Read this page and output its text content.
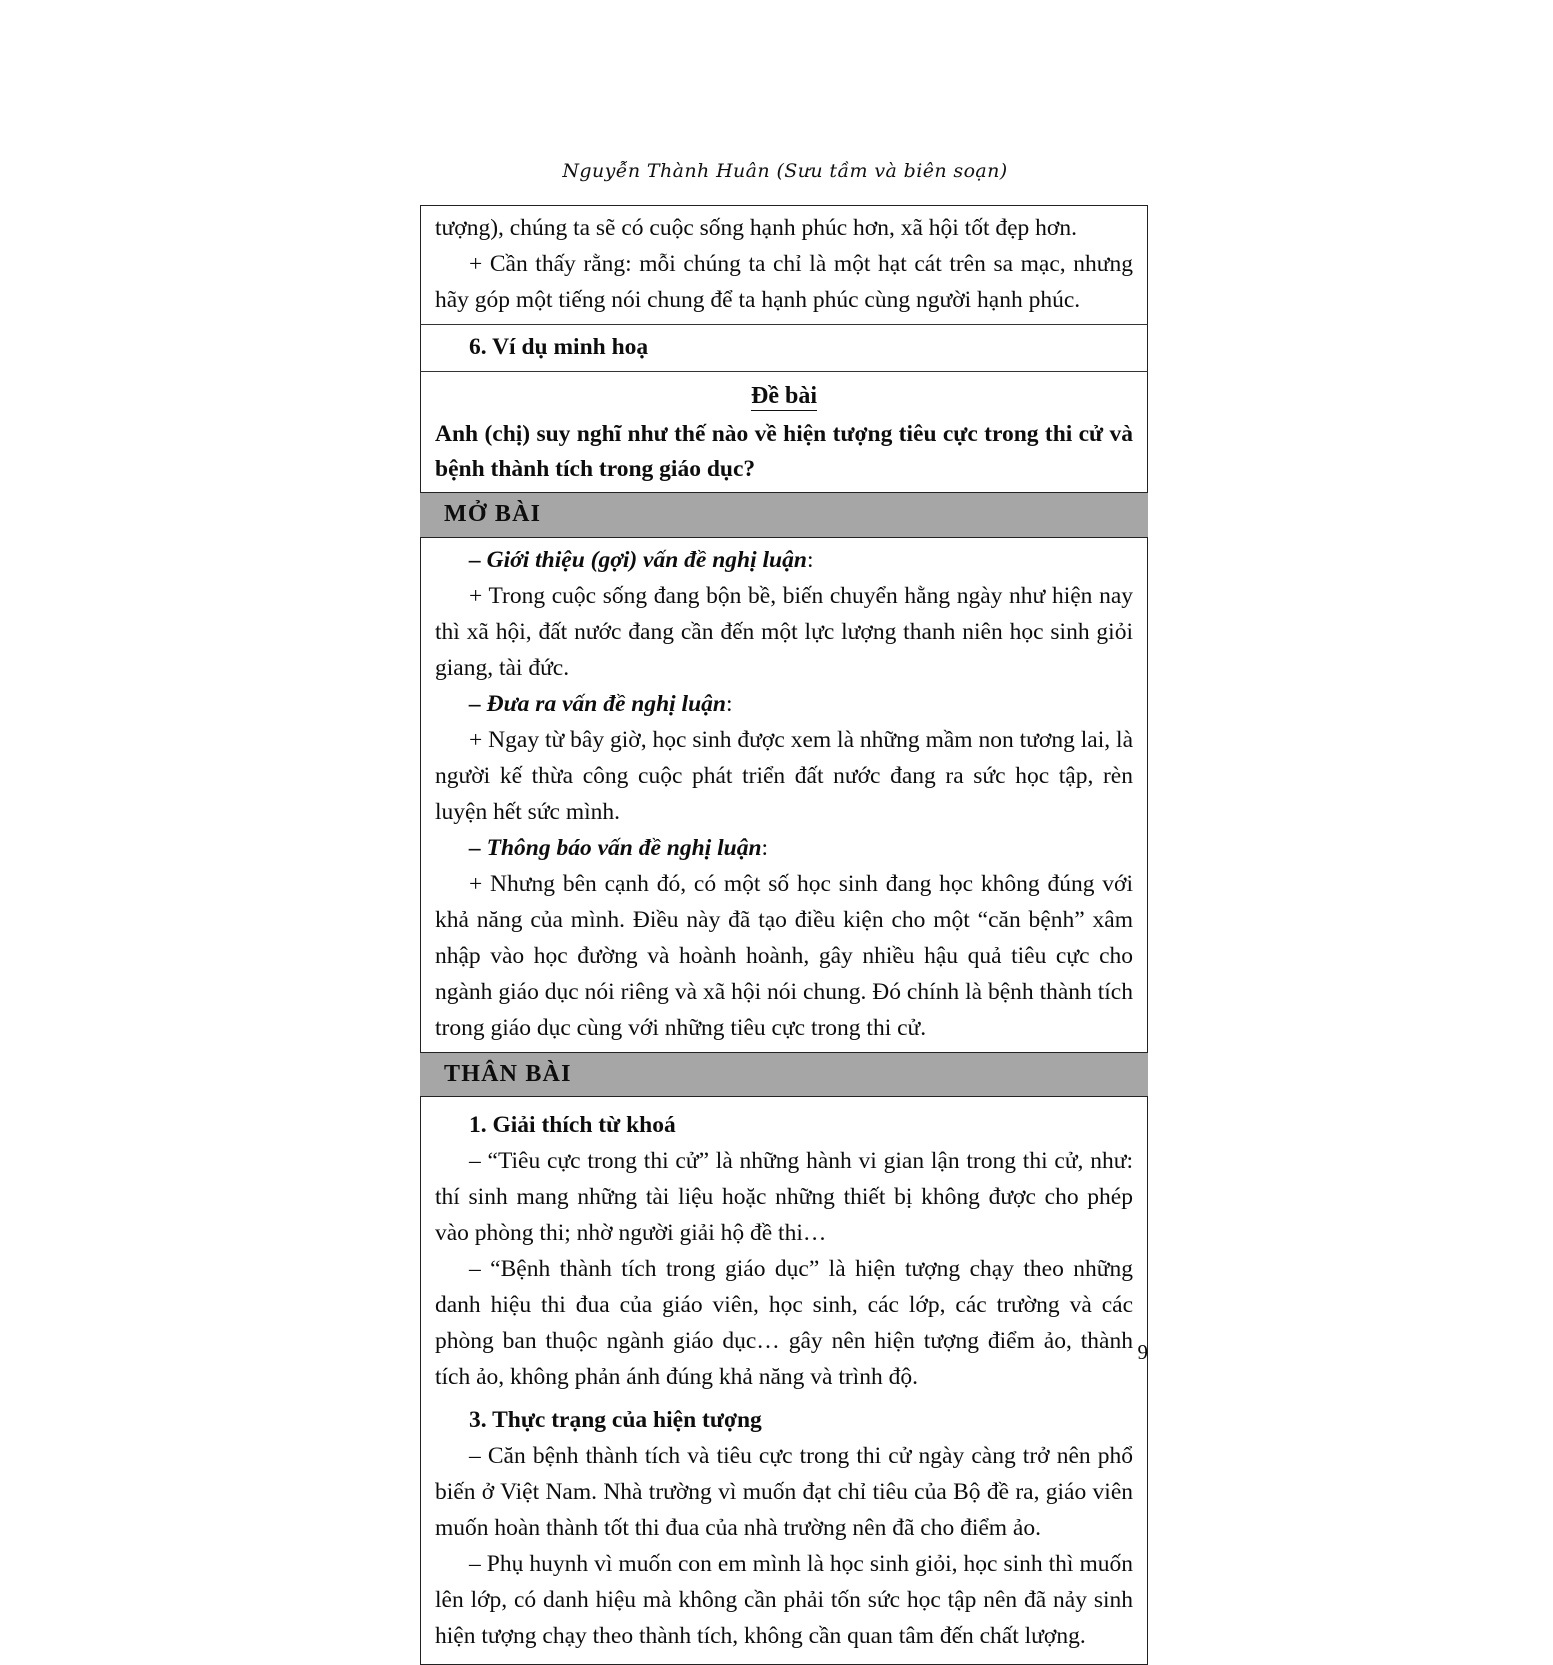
Nguyễn Thành Huân (Sưu tầm và biên soạn)

tượng), chúng ta sẽ có cuộc sống hạnh phúc hơn, xã hội tốt đẹp hơn.

+ Cần thấy rằng: mỗi chúng ta chỉ là một hạt cát trên sa mạc, nhưng hãy góp một tiếng nói chung để ta hạnh phúc cùng người hạnh phúc.

6. Ví dụ minh hoạ

Đề bài
Anh (chị) suy nghĩ như thế nào về hiện tượng tiêu cực trong thi cử và bệnh thành tích trong giáo dục?
MỞ BÀI

– Giới thiệu (gợi) vấn đề nghị luận:

+ Trong cuộc sống đang bộn bề, biến chuyển hằng ngày như hiện nay thì xã hội, đất nước đang cần đến một lực lượng thanh niên học sinh giỏi giang, tài đức.

– Đưa ra vấn đề nghị luận:

+ Ngay từ bây giờ, học sinh được xem là những mầm non tương lai, là người kế thừa công cuộc phát triển đất nước đang ra sức học tập, rèn luyện hết sức mình.

– Thông báo vấn đề nghị luận:

+ Nhưng bên cạnh đó, có một số học sinh đang học không đúng với khả năng của mình. Điều này đã tạo điều kiện cho một “căn bệnh” xâm nhập vào học đường và hoành hoành, gây nhiều hậu quả tiêu cực cho ngành giáo dục nói riêng và xã hội nói chung. Đó chính là bệnh thành tích trong giáo dục cùng với những tiêu cực trong thi cử.

THÂN BÀI

1. Giải thích từ khoá

– “Tiêu cực trong thi cử” là những hành vi gian lận trong thi cử, như: thí sinh mang những tài liệu hoặc những thiết bị không được cho phép vào phòng thi; nhờ người giải hộ đề thi…

– “Bệnh thành tích trong giáo dục” là hiện tượng chạy theo những danh hiệu thi đua của giáo viên, học sinh, các lớp, các trường và các phòng ban thuộc ngành giáo dục… gây nên hiện tượng điểm ảo, thành tích ảo, không phản ánh đúng khả năng và trình độ.

3. Thực trạng của hiện tượng

– Căn bệnh thành tích và tiêu cực trong thi cử ngày càng trở nên phổ biến ở Việt Nam. Nhà trường vì muốn đạt chỉ tiêu của Bộ đề ra, giáo viên muốn hoàn thành tốt thi đua của nhà trường nên đã cho điểm ảo.

– Phụ huynh vì muốn con em mình là học sinh giỏi, học sinh thì muốn lên lớp, có danh hiệu mà không cần phải tốn sức học tập nên đã nảy sinh hiện tượng chạy theo thành tích, không cần quan tâm đến chất lượng.

9
